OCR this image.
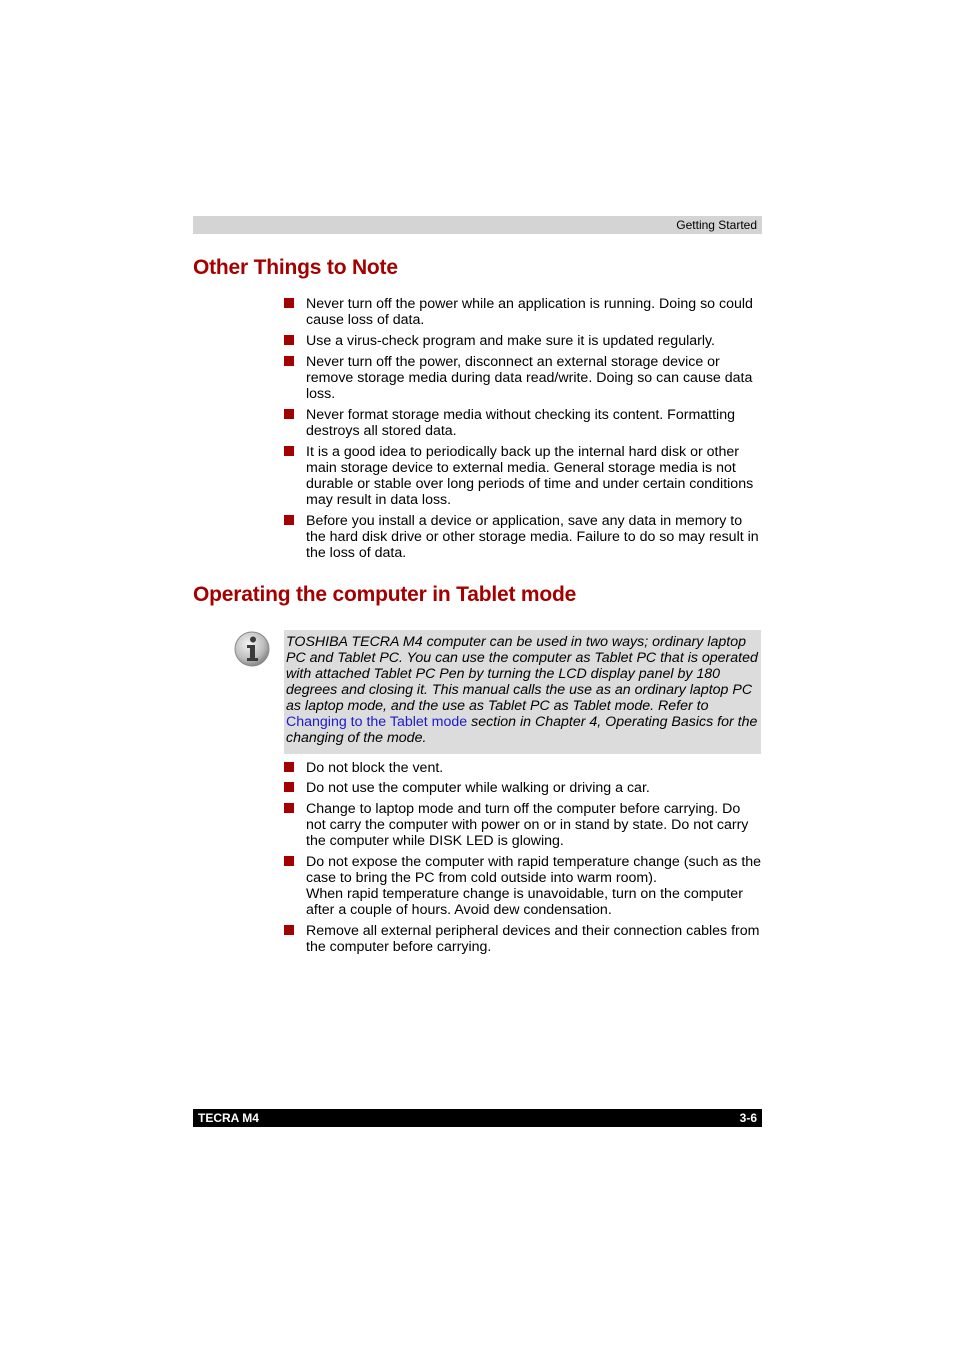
Getting Started
Other Things to Note
Never turn off the power while an application is running. Doing so could cause loss of data.
Use a virus-check program and make sure it is updated regularly.
Never turn off the power, disconnect an external storage device or remove storage media during data read/write. Doing so can cause data loss.
Never format storage media without checking its content. Formatting destroys all stored data.
It is a good idea to periodically back up the internal hard disk or other main storage device to external media. General storage media is not durable or stable over long periods of time and under certain conditions may result in data loss.
Before you install a device or application, save any data in memory to the hard disk drive or other storage media. Failure to do so may result in the loss of data.
Operating the computer in Tablet mode
TOSHIBA TECRA M4 computer can be used in two ways; ordinary laptop PC and Tablet PC. You can use the computer as Tablet PC that is operated with attached Tablet PC Pen by turning the LCD display panel by 180 degrees and closing it. This manual calls the use as an ordinary laptop PC as laptop mode, and the use as Tablet PC as Tablet mode. Refer to Changing to the Tablet mode section in Chapter 4, Operating Basics for the changing of the mode.
Do not block the vent.
Do not use the computer while walking or driving a car.
Change to laptop mode and turn off the computer before carrying. Do not carry the computer with power on or in stand by state. Do not carry the computer while DISK LED is glowing.
Do not expose the computer with rapid temperature change (such as the case to bring the PC from cold outside into warm room).
When rapid temperature change is unavoidable, turn on the computer after a couple of hours. Avoid dew condensation.
Remove all external peripheral devices and their connection cables from the computer before carrying.
TECRA M4	3-6
